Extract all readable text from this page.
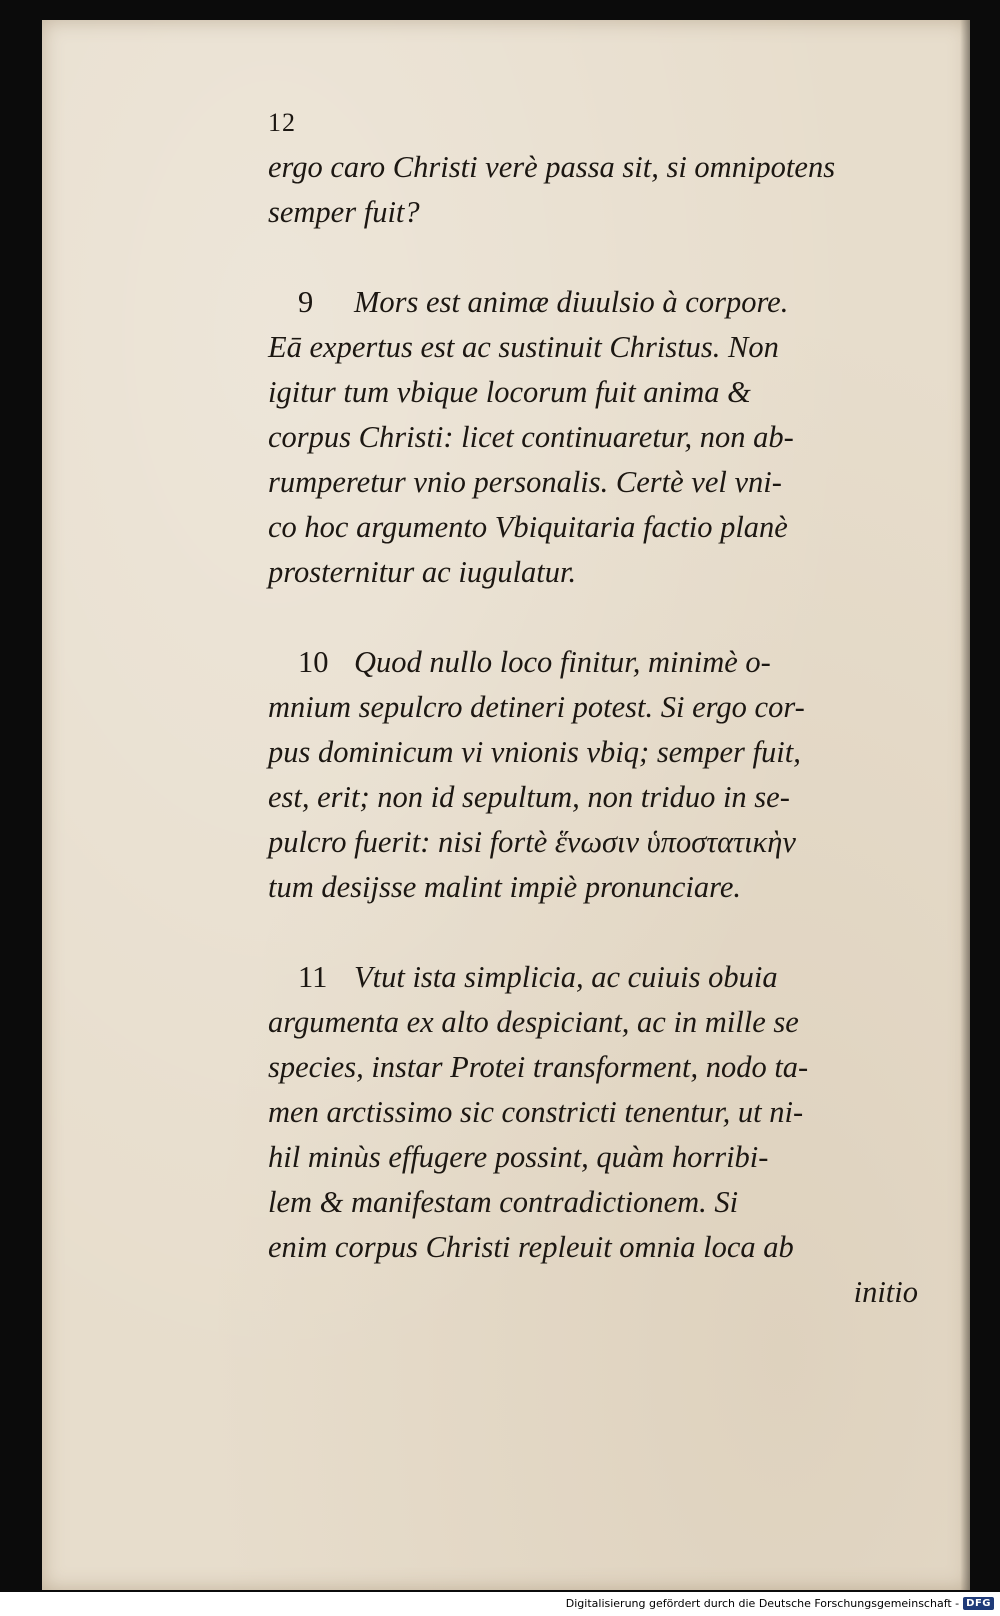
12
ergo caro Christi verè passa sit, si omnipotens
semper fuit?
9 Mors est animæ diuulsio à corpore.
Eā expertus est ac sustinuit Christus. Non
igitur tum vbique locorum fuit anima &
corpus Christi: licet continuaretur, non ab-
rumperetur vnio personalis. Certè vel vni-
co hoc argumento Vbiquitaria factio planè
prosternitur ac iugulatur.
10 Quod nullo loco finitur, minimè o-
mnium sepulcro detineri potest. Si ergo cor-
pus dominicum vi vnionis vbiq; semper fuit,
est, erit; non id sepultum, non triduo in se-
pulcro fuerit: nisi fortè ἕνωσιν ὑποστατικὴν
tum desijsse malint impiè pronunciare.
11 Vtut ista simplicia, ac cuiuis obuia
argumenta ex alto despiciant, ac in mille se
species, instar Protei transforment, nodo ta-
men arctissimo sic constricti tenentur, ut ni-
hil minùs effugere possint, quàm horribi-
lem & manifestam contradictionem. Si
enim corpus Christi repleuit omnia loca ab
initio
Digitalisierung gefördert durch die Deutsche Forschungsgemeinschaft - DFG
